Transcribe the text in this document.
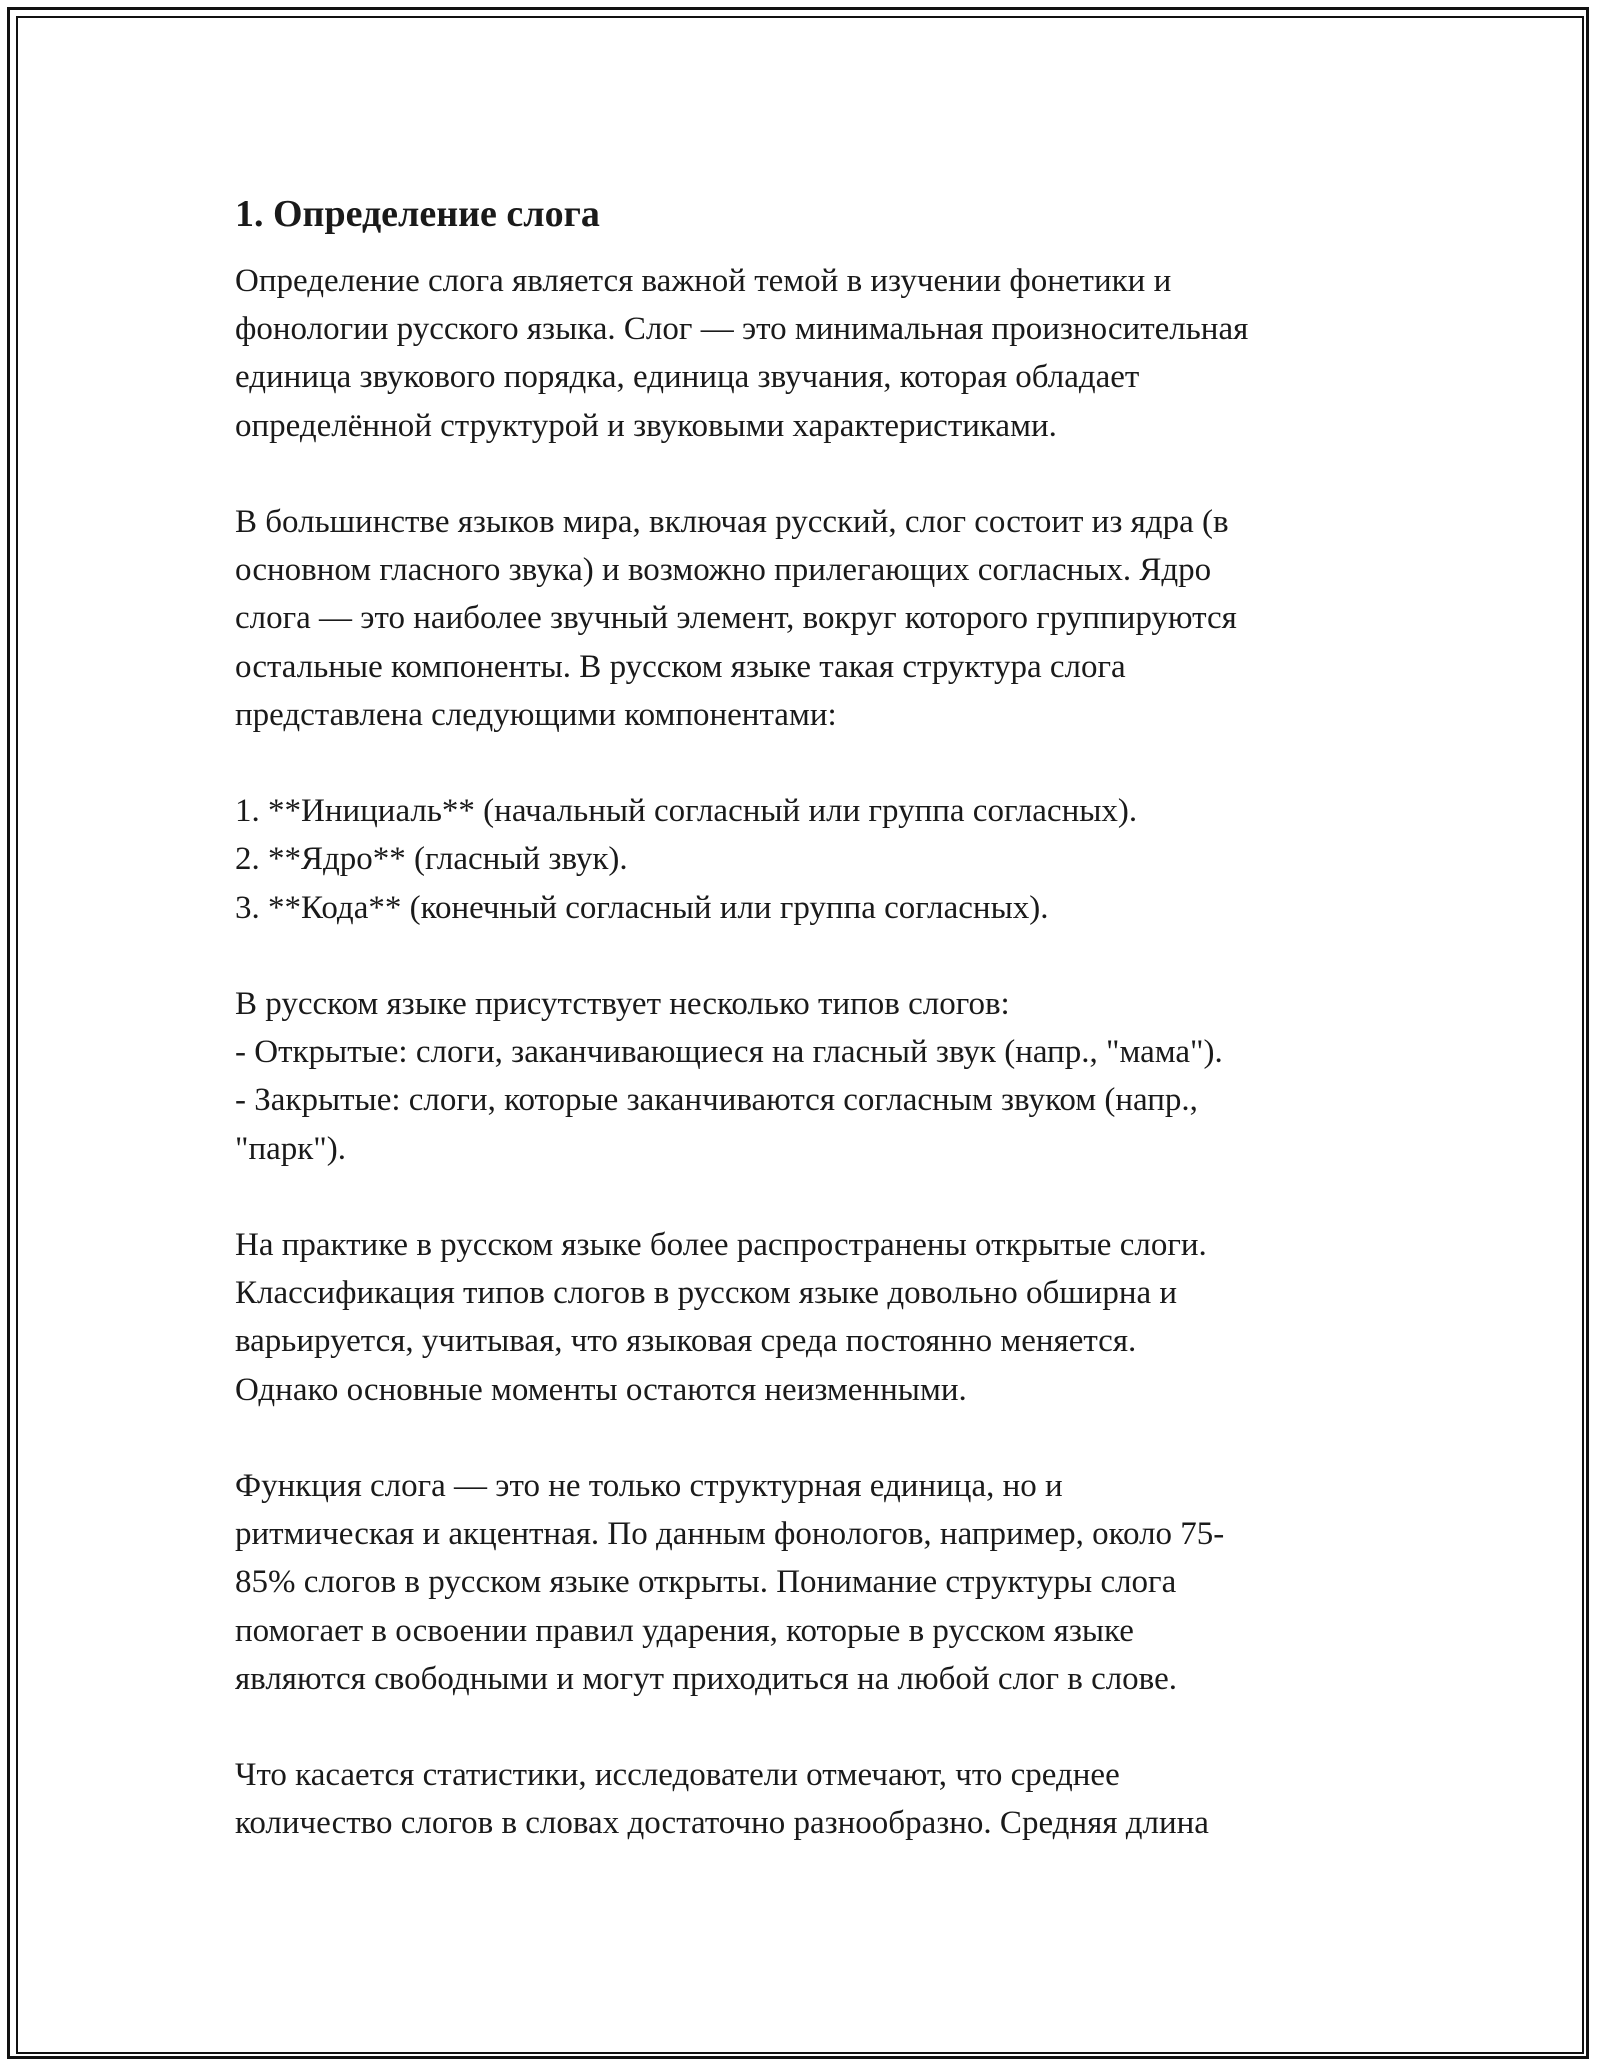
1. Определение слога

Определение слога является важной темой в изучении фонетики и
фонологии русского языка. Слог — это минимальная произносительная
единица звукового порядка, единица звучания, которая обладает
определённой структурой и звуковыми характеристиками.

В большинстве языков мира, включая русский, слог состоит из ядра (в
основном гласного звука) и возможно прилегающих согласных. Ядро
слога — это наиболее звучный элемент, вокруг которого группируются
остальные компоненты. В русском языке такая структура слога
представлена следующими компонентами:

1. **Инициаль** (начальный согласный или группа согласных).
2. **Ядро** (гласный звук).
3. **Кода** (конечный согласный или группа согласных).

В русском языке присутствует несколько типов слогов:
- Открытые: слоги, заканчивающиеся на гласный звук (напр., "мама").
- Закрытые: слоги, которые заканчиваются согласным звуком (напр.,
"парк").

На практике в русском языке более распространены открытые слоги.
Классификация типов слогов в русском языке довольно обширна и
варьируется, учитывая, что языковая среда постоянно меняется.
Однако основные моменты остаются неизменными.

Функция слога — это не только структурная единица, но и
ритмическая и акцентная. По данным фонологов, например, около 75-
85% слогов в русском языке открыты. Понимание структуры слога
помогает в освоении правил ударения, которые в русском языке
являются свободными и могут приходиться на любой слог в слове.

Что касается статистики, исследователи отмечают, что среднее
количество слогов в словах достаточно разнообразно. Средняя длина
